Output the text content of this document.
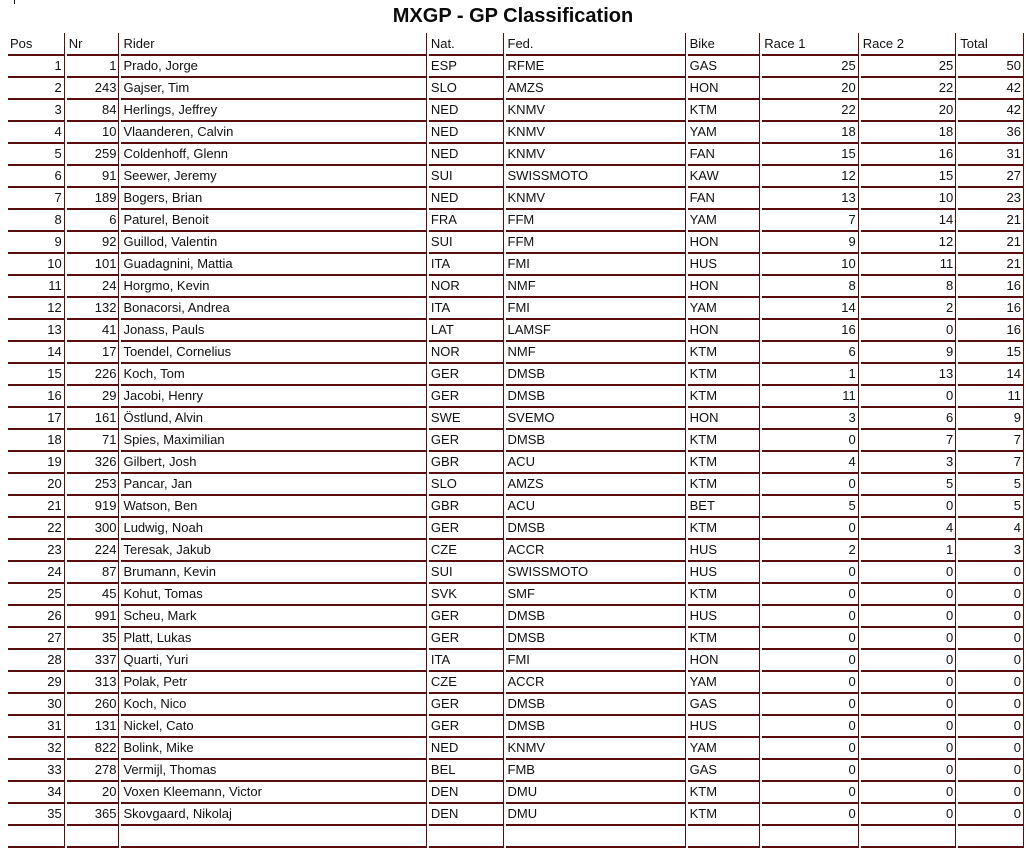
MXGP - GP Classification
Pos	Nr	Rider	Nat.	Fed.	Bike	Race 1	Race 2	Total
1	1	Prado, Jorge	ESP	RFME	GAS	25	25	50
2	243	Gajser, Tim	SLO	AMZS	HON	20	22	42
3	84	Herlings, Jeffrey	NED	KNMV	KTM	22	20	42
4	10	Vlaanderen, Calvin	NED	KNMV	YAM	18	18	36
5	259	Coldenhoff, Glenn	NED	KNMV	FAN	15	16	31
6	91	Seewer, Jeremy	SUI	SWISSMOTO	KAW	12	15	27
7	189	Bogers, Brian	NED	KNMV	FAN	13	10	23
8	6	Paturel, Benoit	FRA	FFM	YAM	7	14	21
9	92	Guillod, Valentin	SUI	FFM	HON	9	12	21
10	101	Guadagnini, Mattia	ITA	FMI	HUS	10	11	21
11	24	Horgmo, Kevin	NOR	NMF	HON	8	8	16
12	132	Bonacorsi, Andrea	ITA	FMI	YAM	14	2	16
13	41	Jonass, Pauls	LAT	LAMSF	HON	16	0	16
14	17	Toendel, Cornelius	NOR	NMF	KTM	6	9	15
15	226	Koch, Tom	GER	DMSB	KTM	1	13	14
16	29	Jacobi, Henry	GER	DMSB	KTM	11	0	11
17	161	Östlund, Alvin	SWE	SVEMO	HON	3	6	9
18	71	Spies, Maximilian	GER	DMSB	KTM	0	7	7
19	326	Gilbert, Josh	GBR	ACU	KTM	4	3	7
20	253	Pancar, Jan	SLO	AMZS	KTM	0	5	5
21	919	Watson, Ben	GBR	ACU	BET	5	0	5
22	300	Ludwig, Noah	GER	DMSB	KTM	0	4	4
23	224	Teresak, Jakub	CZE	ACCR	HUS	2	1	3
24	87	Brumann, Kevin	SUI	SWISSMOTO	HUS	0	0	0
25	45	Kohut, Tomas	SVK	SMF	KTM	0	0	0
26	991	Scheu, Mark	GER	DMSB	HUS	0	0	0
27	35	Platt, Lukas	GER	DMSB	KTM	0	0	0
28	337	Quarti, Yuri	ITA	FMI	HON	0	0	0
29	313	Polak, Petr	CZE	ACCR	YAM	0	0	0
30	260	Koch, Nico	GER	DMSB	GAS	0	0	0
31	131	Nickel, Cato	GER	DMSB	HUS	0	0	0
32	822	Bolink, Mike	NED	KNMV	YAM	0	0	0
33	278	Vermijl, Thomas	BEL	FMB	GAS	0	0	0
34	20	Voxen Kleemann, Victor	DEN	DMU	KTM	0	0	0
35	365	Skovgaard, Nikolaj	DEN	DMU	KTM	0	0	0
